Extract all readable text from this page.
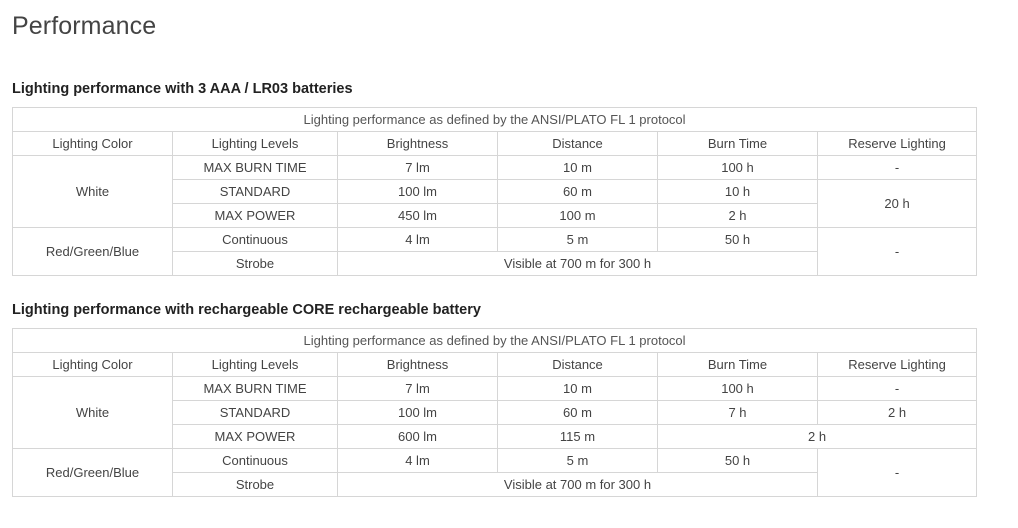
Performance
Lighting performance with 3 AAA / LR03 batteries
Lighting performance as defined by the ANSI/PLATO FL 1 protocol					
Lighting Color	Lighting Levels	Brightness	Distance	Burn Time	Reserve Lighting
White	MAX BURN TIME	7 lm	10 m	100 h	-
	STANDARD	100 lm	60 m	10 h	20 h
	MAX POWER	450 lm	100 m	2 h	
Red/Green/Blue	Continuous	4 lm	5 m	50 h	-
	Strobe	Visible at 700 m for 300 h			
Lighting performance with rechargeable CORE rechargeable battery
Lighting performance as defined by the ANSI/PLATO FL 1 protocol					
Lighting Color	Lighting Levels	Brightness	Distance	Burn Time	Reserve Lighting
White	MAX BURN TIME	7 lm	10 m	100 h	-
	STANDARD	100 lm	60 m	7 h	2 h
	MAX POWER	600 lm	115 m	2 h	
Red/Green/Blue	Continuous	4 lm	5 m	50 h	-
	Strobe	Visible at 700 m for 300 h			
